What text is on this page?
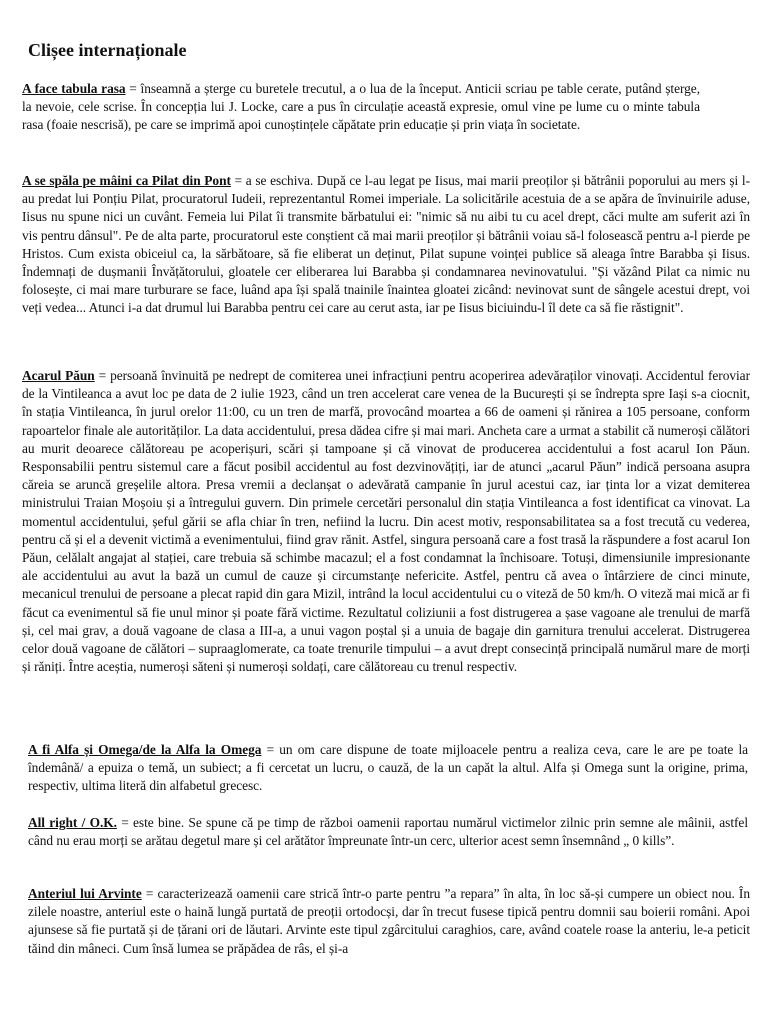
Clișee internaționale

A face tabula rasa = înseamnă a șterge cu buretele trecutul, a o lua de la început. Anticii scriau pe table cerate, putând șterge, la nevoie, cele scrise. În concepția lui J. Locke, care a pus în circulație această expresie, omul vine pe lume cu o minte tabula rasa (foaie nescrisă), pe care se imprimă apoi cunoștințele căpătate prin educație și prin viața în societate.

A se spăla pe mâini ca Pilat din Pont = a se eschiva. După ce l-au legat pe Iisus, mai marii preoților și bătrânii poporului au mers și l-au predat lui Ponțiu Pilat, procuratorul Iudeii, reprezentantul Romei imperiale. La solicitările acestuia de a se apăra de învinuirile aduse, Iisus nu spune nici un cuvânt. Femeia lui Pilat îi transmite bărbatului ei: "nimic să nu aibi tu cu acel drept, căci multe am suferit azi în vis pentru dânsul". Pe de alta parte, procuratorul este conștient că mai marii preoților și bătrânii voiau să-l folosească pentru a-l pierde pe Hristos. Cum exista obiceiul ca, la sărbătoare, să fie eliberat un deținut, Pilat supune voinței publice să aleaga între Barabba și Iisus. Îndemnați de dușmanii Învățătorului, gloatele cer eliberarea lui Barabba și condamnarea nevinovatului. "Și văzând Pilat ca nimic nu folosește, ci mai mare turburare se face, luând apa își spală tnainile înaintea gloatei zicând: nevinovat sunt de sângele acestui drept, voi veți vedea... Atunci i-a dat drumul lui Barabba pentru cei care au cerut asta, iar pe Iisus biciuindu-l îl dete ca să fie răstignit".

Acarul Păun = persoană învinuită pe nedrept de comiterea unei infracțiuni pentru acoperirea adevăraților vinovați. Accidentul feroviar de la Vintileanca a avut loc pe data de 2 iulie 1923, când un tren accelerat care venea de la București și se îndrepta spre Iași s-a ciocnit, în stația Vintileanca, în jurul orelor 11:00, cu un tren de marfă, provocând moartea a 66 de oameni și rănirea a 105 persoane, conform rapoartelor finale ale autorităților. La data accidentului, presa dădea cifre și mai mari. Ancheta care a urmat a stabilit că numeroși călători au murit deoarece călătoreau pe acoperișuri, scări și tampoane și că vinovat de producerea accidentului a fost acarul Ion Păun. Responsabilii pentru sistemul care a făcut posibil accidentul au fost dezvinovățiți, iar de atunci „acarul Păun” indică persoana asupra căreia se aruncă greșelile altora. Presa vremii a declanșat o adevărată campanie în jurul acestui caz, iar ținta lor a vizat demiterea ministrului Traian Moșoiu și a întregului guvern. Din primele cercetări personalul din stația Vintileanca a fost identificat ca vinovat. La momentul accidentului, șeful gării se afla chiar în tren, nefiind la lucru. Din acest motiv, responsabilitatea sa a fost trecută cu vederea, pentru că și el a devenit victimă a evenimentului, fiind grav rănit. Astfel, singura persoană care a fost trasă la răspundere a fost acarul Ion Păun, celălalt angajat al stației, care trebuia să schimbe macazul; el a fost condamnat la închisoare. Totuși, dimensiunile impresionante ale accidentului au avut la bază un cumul de cauze și circumstanțe nefericite. Astfel, pentru că avea o întârziere de cinci minute, mecanicul trenului de persoane a plecat rapid din gara Mizil, intrând la locul accidentului cu o viteză de 50 km/h. O viteză mai mică ar fi făcut ca evenimentul să fie unul minor și poate fără victime. Rezultatul coliziunii a fost distrugerea a șase vagoane ale trenului de marfă și, cel mai grav, a două vagoane de clasa a III-a, a unui vagon poștal și a unuia de bagaje din garnitura trenului accelerat. Distrugerea celor două vagoane de călători – supraaglomerate, ca toate trenurile timpului – a avut drept consecință principală numărul mare de morți și răniți. Între aceștia, numeroși săteni și numeroși soldați, care călătoreau cu trenul respectiv.

A fi Alfa și Omega/de la Alfa la Omega = un om care dispune de toate mijloacele pentru a realiza ceva, care le are pe toate la îndemână/ a epuiza o temă, un subiect; a fi cercetat un lucru, o cauză, de la un capăt la altul. Alfa și Omega sunt la origine, prima, respectiv, ultima literă din alfabetul grecesc.

All right / O.K. = este bine. Se spune că pe timp de război oamenii raportau numărul victimelor zilnic prin semne ale mâinii, astfel când nu erau morți se arătau degetul mare și cel arătător împreunate într-un cerc, ulterior acest semn însemnând „ 0 kills”.

Anteriul lui Arvinte = caracterizează oamenii care strică într-o parte pentru ”a repara” în alta, în loc să-și cumpere un obiect nou. În zilele noastre, anteriul este o haină lungă purtată de preoții ortodocși, dar în trecut fusese tipică pentru domnii sau boierii români. Apoi ajunsese să fie purtată și de țărani ori de lăutari. Arvinte este tipul zgârcitului caraghios, care, având coatele roase la anteriu, le-a peticit tăind din mâneci. Cum însă lumea se prăpădea de râs, el și-a
